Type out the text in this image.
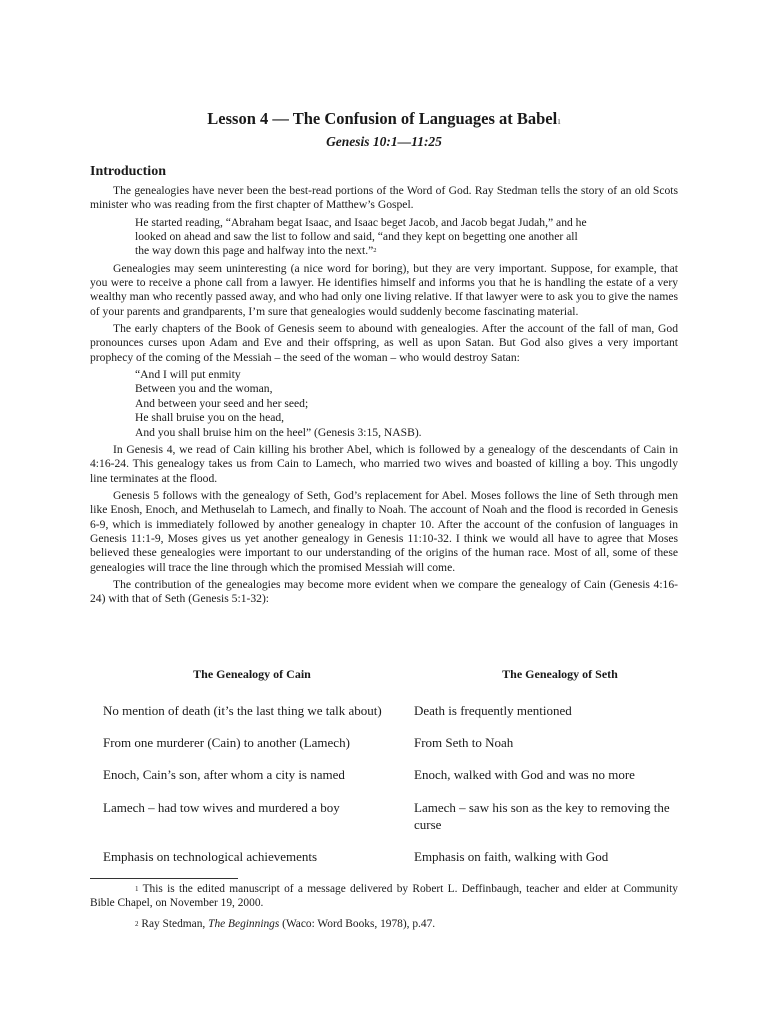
Lesson 4 — The Confusion of Languages at Babel$^1$
Genesis 10:1—11:25
Introduction

The genealogies have never been the best-read portions of the Word of God. Ray Stedman tells the story of an old Scots minister who was reading from the first chapter of Matthew’s Gospel.

He started reading, “Abraham begat Isaac, and Isaac beget Jacob, and Jacob begat Judah,” and he
looked on ahead and saw the list to follow and said, “and they kept on begetting one another all
the way down this page and halfway into the next.”$^2$

Genealogies may seem uninteresting (a nice word for boring), but they are very important. Suppose, for example, that you were to receive a phone call from a lawyer. He identifies himself and informs you that he is handling the estate of a very wealthy man who recently passed away, and who had only one living relative. If that lawyer were to ask you to give the names of your parents and grandparents, I’m sure that genealogies would suddenly become fascinating material.

The early chapters of the Book of Genesis seem to abound with genealogies. After the account of the fall of man, God pronounces curses upon Adam and Eve and their offspring, as well as upon Satan. But God also gives a very important prophecy of the coming of the Messiah – the seed of the woman – who would destroy Satan:

“And I will put enmity
Between you and the woman,
And between your seed and her seed;
He shall bruise you on the head,
And you shall bruise him on the heel” (Genesis 3:15, NASB).

In Genesis 4, we read of Cain killing his brother Abel, which is followed by a genealogy of the descendants of Cain in 4:16-24. This genealogy takes us from Cain to Lamech, who married two wives and boasted of killing a boy. This ungodly line terminates at the flood.

Genesis 5 follows with the genealogy of Seth, God’s replacement for Abel. Moses follows the line of Seth through men like Enosh, Enoch, and Methuselah to Lamech, and finally to Noah. The account of Noah and the flood is recorded in Genesis 6-9, which is immediately followed by another genealogy in chapter 10. After the account of the confusion of languages in Genesis 11:1-9, Moses gives us yet another genealogy in Genesis 11:10-32. I think we would all have to agree that Moses believed these genealogies were important to our understanding of the origins of the human race. Most of all, some of these genealogies will trace the line through which the promised Messiah will come.

The contribution of the genealogies may become more evident when we compare the genealogy of Cain (Genesis 4:16-24) with that of Seth (Genesis 5:1-32):

The Genealogy of Cain	The Genealogy of Seth
No mention of death (it’s the last thing we talk about)	Death is frequently mentioned
From one murderer (Cain) to another (Lamech)	From Seth to Noah
Enoch, Cain’s son, after whom a city is named	Enoch, walked with God and was no more
Lamech – had tow wives and murdered a boy	Lamech – saw his son as the key to removing the curse
Emphasis on technological achievements	Emphasis on faith, walking with God
$^1$ This is the edited manuscript of a message delivered by Robert L. Deffinbaugh, teacher and elder at Community Bible Chapel, on November 19, 2000.
$^2$ Ray Stedman, The Beginnings (Waco: Word Books, 1978), p.47.
